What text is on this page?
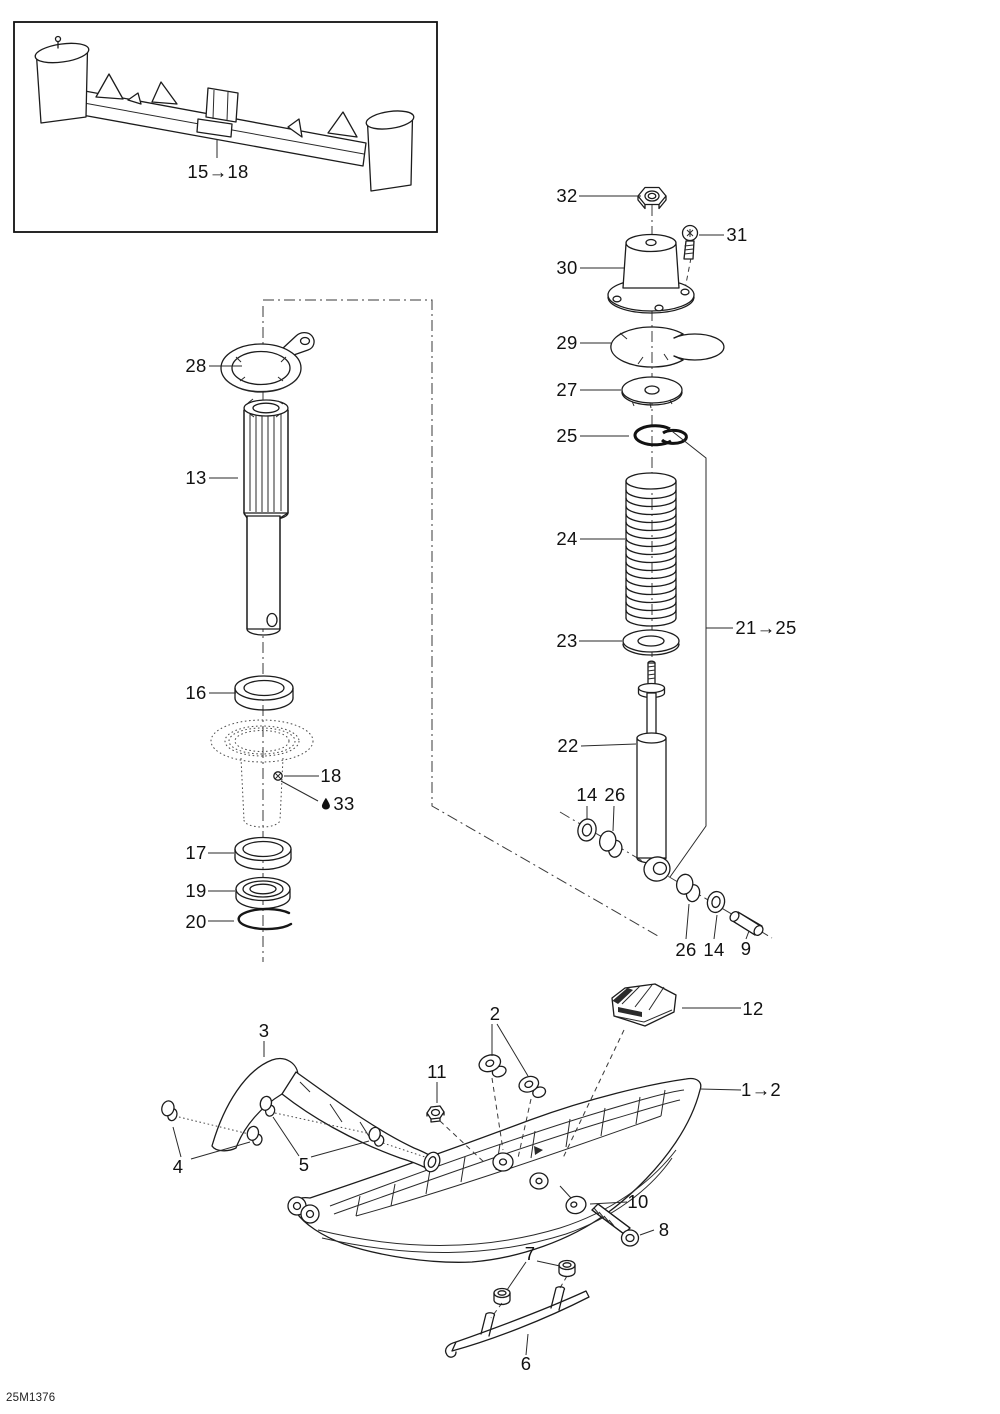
15→18
28
13
16
18
33
17
19
20
32
31
30
29
27
25
24
23
21→25
22
14 26
26 14 9
12
2
11
1→2
3
4	5
10
8
7
6
25M1376
